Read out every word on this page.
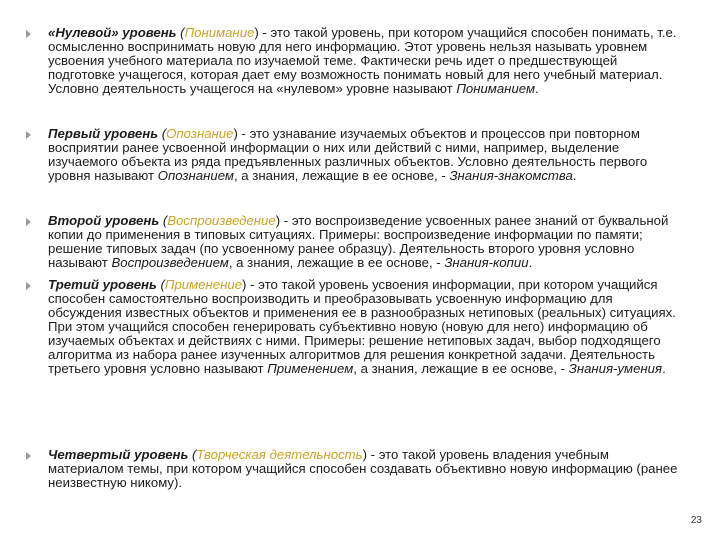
«Нулевой» уровень (Понимание) - это такой уровень, при котором учащийся способен понимать, т.е. осмысленно воспринимать новую для него информацию. Этот уровень нельзя называть уровнем усвоения учебного материала по изучаемой теме. Фактически речь идет о предшествующей подготовке учащегося, которая дает ему возможность понимать новый для него учебный материал. Условно деятельность учащегося на «нулевом» уровне называют Пониманием.
Первый уровень (Опознание) - это узнавание изучаемых объектов и процессов при повторном восприятии ранее усвоенной информации о них или действий с ними, например, выделение изучаемого объекта из ряда предъявленных различных объектов. Условно деятельность первого уровня называют Опознанием, а знания, лежащие в ее основе, - Знания-знакомства.
Второй уровень (Воспроизведение) - это воспроизведение усвоенных ранее знаний от буквальной копии до применения в типовых ситуациях. Примеры: воспроизведение информации по памяти; решение типовых задач (по усвоенному ранее образцу). Деятельность второго уровня условно называют Воспроизведением, а знания, лежащие в ее основе, - Знания-копии.
Третий уровень (Применение) - это такой уровень усвоения информации, при котором учащийся способен самостоятельно воспроизводить и преобразовывать усвоенную информацию для обсуждения известных объектов и применения ее в разнообразных нетиповых (реальных) ситуациях. При этом учащийся способен генерировать субъективно новую (новую для него) информацию об изучаемых объектах и действиях с ними. Примеры: решение нетиповых задач, выбор подходящего алгоритма из набора ранее изученных алгоритмов для решения конкретной задачи. Деятельность третьего уровня условно называют Применением, а знания, лежащие в ее основе, - Знания-умения.
Четвертый уровень (Творческая деятельность) - это такой уровень владения учебным материалом темы, при котором учащийся способен создавать объективно новую информацию (ранее неизвестную никому).
23
